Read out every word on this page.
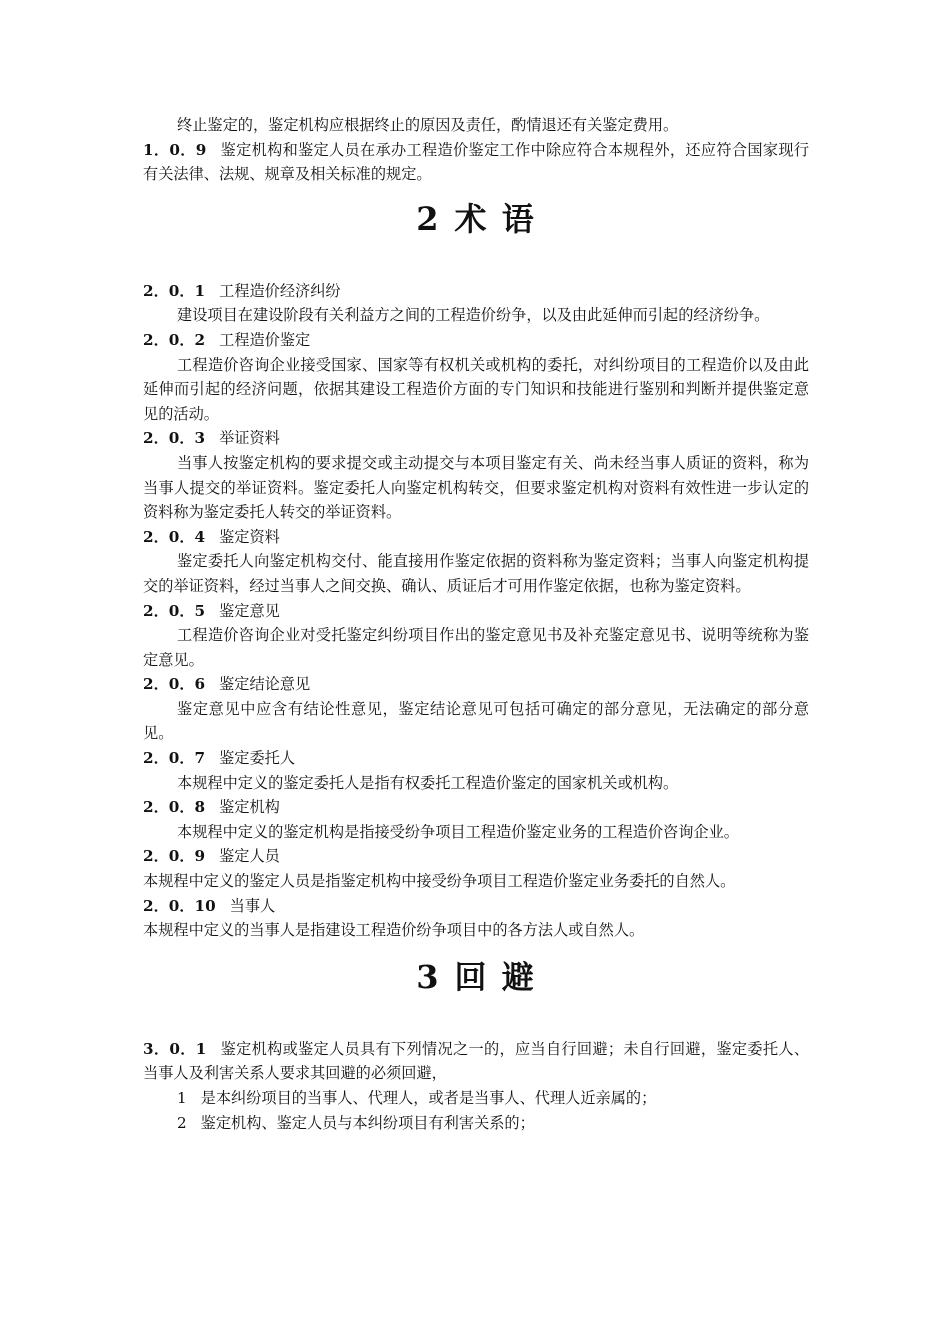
终止鉴定的，鉴定机构应根据终止的原因及责任，酌情退还有关鉴定费用。

1．0．9 鉴定机构和鉴定人员在承办工程造价鉴定工作中除应符合本规程外，还应符合国家现行有关法律、法规、规章及相关标准的规定。

2 术 语

2．0．1 工程造价经济纠纷

建设项目在建设阶段有关利益方之间的工程造价纷争，以及由此延伸而引起的经济纷争。

2．0．2 工程造价鉴定

工程造价咨询企业接受国家、国家等有权机关或机构的委托，对纠纷项目的工程造价以及由此延伸而引起的经济问题，依据其建设工程造价方面的专门知识和技能进行鉴别和判断并提供鉴定意见的活动。

2．0．3 举证资料

当事人按鉴定机构的要求提交或主动提交与本项目鉴定有关、尚未经当事人质证的资料，称为当事人提交的举证资料。鉴定委托人向鉴定机构转交，但要求鉴定机构对资料有效性进一步认定的资料称为鉴定委托人转交的举证资料。

2．0．4 鉴定资料

鉴定委托人向鉴定机构交付、能直接用作鉴定依据的资料称为鉴定资料；当事人向鉴定机构提交的举证资料，经过当事人之间交换、确认、质证后才可用作鉴定依据，也称为鉴定资料。

2．0．5 鉴定意见

工程造价咨询企业对受托鉴定纠纷项目作出的鉴定意见书及补充鉴定意见书、说明等统称为鉴定意见。

2．0．6 鉴定结论意见

鉴定意见中应含有结论性意见，鉴定结论意见可包括可确定的部分意见，无法确定的部分意见。

2．0．7 鉴定委托人

本规程中定义的鉴定委托人是指有权委托工程造价鉴定的国家机关或机构。

2．0．8 鉴定机构

本规程中定义的鉴定机构是指接受纷争项目工程造价鉴定业务的工程造价咨询企业。

2．0．9 鉴定人员

本规程中定义的鉴定人员是指鉴定机构中接受纷争项目工程造价鉴定业务委托的自然人。

2．0．10 当事人

本规程中定义的当事人是指建设工程造价纷争项目中的各方法人或自然人。

3 回 避

3．0．1 鉴定机构或鉴定人员具有下列情况之一的，应当自行回避；未自行回避，鉴定委托人、当事人及利害关系人要求其回避的必须回避，

1 是本纠纷项目的当事人、代理人，或者是当事人、代理人近亲属的；

2 鉴定机构、鉴定人员与本纠纷项目有利害关系的；
